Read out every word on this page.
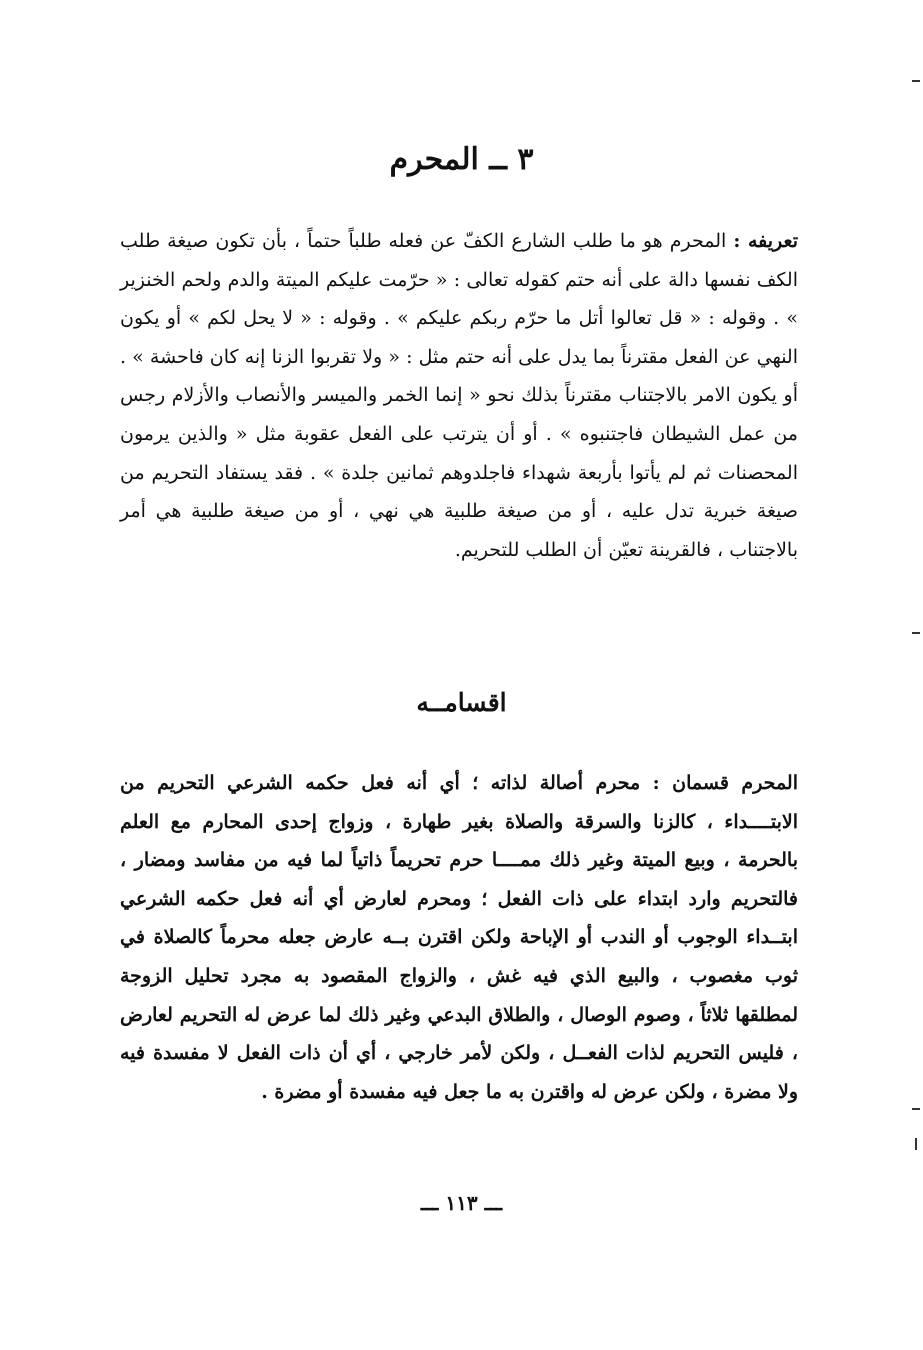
٣ ــ المحرم
تعريفه : المحرم هو ما طلب الشارع الكفّ عن فعله طلباً حتماً ، بأن تكون صيغة طلب الكف نفسها دالة على أنه حتم كقوله تعالى : « حرّمت عليكم الميتة والدم ولحم الخنزير » . وقوله : « قل تعالوا أتل ما حرّم ربكم عليكم » . وقوله : « لا يحل لكم » أو يكون النهي عن الفعل مقترناً بما يدل على أنه حتم مثل : « ولا تقربوا الزنا إنه كان فاحشة » . أو يكون الامر بالاجتناب مقترناً بذلك نحو « إنما الخمر والميسر والأنصاب والأزلام رجس من عمل الشيطان فاجتنبوه » . أو أن يترتب على الفعل عقوبة مثل « والذين يرمون المحصنات ثم لم يأتوا بأربعة شهداء فاجلدوهم ثمانين جلدة » . فقد يستفاد التحريم من صيغة خبرية تدل عليه ، أو من صيغة طلبية هي نهي ، أو من صيغة طلبية هي أمر بالاجتناب ، فالقرينة تعيّن أن الطلب للتحريم.
اقسامــه
المحرم قسمان : محرم أصالة لذاته ؛ أي أنه فعل حكمه الشرعي التحريم من الابتــــداء ، كالزنا والسرقة والصلاة بغير طهارة ، وزواج إحدى المحارم مع العلم بالحرمة ، وبيع الميتة وغير ذلك ممــــا حرم تحريماً ذاتياً لما فيه من مفاسد ومضار ، فالتحريم وارد ابتداء على ذات الفعل ؛ ومحرم لعارض أي أنه فعل حكمه الشرعي ابتــداء الوجوب أو الندب أو الإباحة ولكن اقترن بــه عارض جعله محرماً كالصلاة في ثوب مغصوب ، والبيع الذي فيه غش ، والزواج المقصود به مجرد تحليل الزوجة لمطلقها ثلاثاً ، وصوم الوصال ، والطلاق البدعي وغير ذلك لما عرض له التحريم لعارض ، فليس التحريم لذات الفعــل ، ولكن لأمر خارجي ، أي أن ذات الفعل لا مفسدة فيه ولا مضرة ، ولكن عرض له واقترن به ما جعل فيه مفسدة أو مضرة .
ـــ ١١٣ ـــ
